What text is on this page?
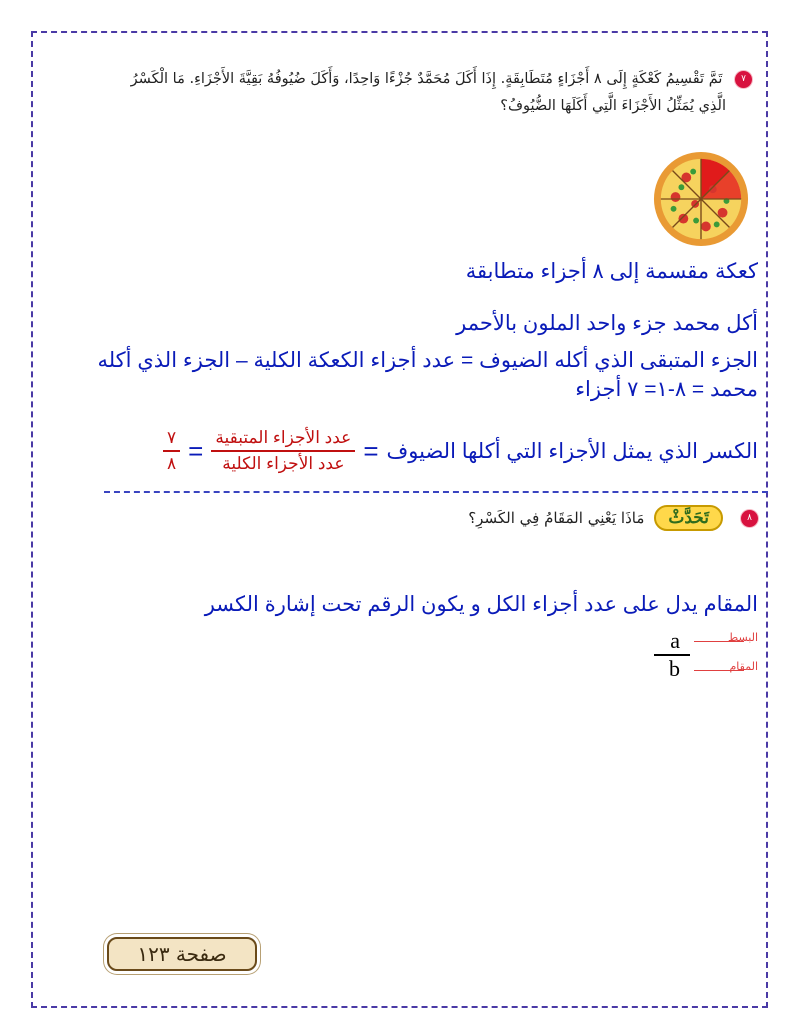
٧ تَمَّ تَقْسِيمُ كَعْكَةٍ إِلَى ٨ أَجْزَاءٍ مُتَطَابِقَةٍ. إِذَا أَكَلَ مُحَمَّدٌ جُزْءًا وَاحِدًا، وَأَكَلَ ضُيُوفُهُ بَقِيَّةَ الأَجْزَاءِ. مَا الْكَسْرُ
الَّذِي يُمَثِّلُ الأَجْزَاءَ الَّتِي أَكَلَهَا الضُّيُوفُ؟
كعكة مقسمة إلى ٨ أجزاء متطابقة
أكل محمد جزء واحد الملون بالأحمر
الجزء المتبقى الذي أكله الضيوف = عدد أجزاء الكعكة الكلية – الجزء الذي أكله محمد = ٨-١= ٧ أجزاء
الكسر الذي يمثل الأجزاء التي أكلها الضيوف
=
$\frac{\text{عدد الأجزاء المتبقية}}{\text{عدد الأجزاء الكلية}}$
=
$\frac{٧}{٨}$
٨
تَحَدَّثْ
مَاذَا يَعْنِي المَقَامُ فِي الكَسْرِ؟
المقام يدل على عدد أجزاء الكل و يكون الرقم تحت إشارة الكسر
a
b
البسط
المقام
صفحة ١٢٣
